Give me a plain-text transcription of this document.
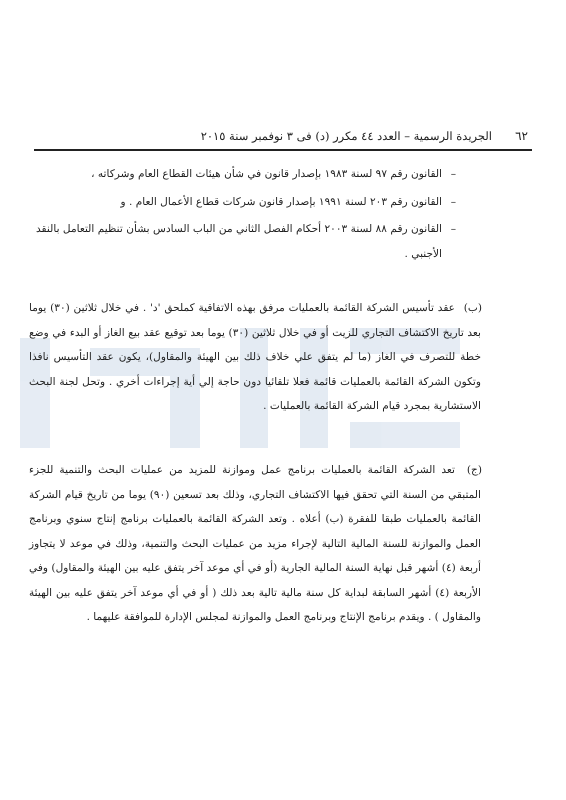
الجريدة الرسمية – العدد ٤٤ مكرر (د) فى ٣ نوفمبر سنة ٢٠١٥ ٦٢
–
القانون رقم ٩٧ لسنة ١٩٨٣ بإصدار قانون في شأن هيئات القطاع العام وشركاته ،
–
القانون رقم ٢٠٣ لسنة ١٩٩١ بإصدار قانون شركات قطاع الأعمال العام . و
–
القانون رقم ٨٨ لسنة ٢٠٠٣ أحكام الفصل الثاني من الباب السادس بشأن تنظيم التعامل بالنقد الأجنبي .
(ب)
عقد تأسيس الشركة القائمة بالعمليات مرفق بهذه الاتفاقية كملحق 'د' . في خلال ثلاثين (٣٠) يوما بعد تاريخ الاكتشاف التجاري للزيت أو في خلال ثلاثين (٣٠) يوما بعد توقيع عقد بيع الغاز أو البدء في وضع خطة للتصرف في الغاز (ما لم يتفق علي خلاف ذلك بين الهيئة والمقاول)، يكون عقد التأسيس نافذا وتكون الشركة القائمة بالعمليات قائمة فعلا تلقائيا دون حاجة إلي أية إجراءات أخري . وتحل لجنة البحث الاستشارية بمجرد قيام الشركة القائمة بالعمليات .
(ج)
تعد الشركة القائمة بالعمليات برنامج عمل وموازنة للمزيد من عمليات البحث والتنمية للجزء المتبقي من السنة التي تحقق فيها الاكتشاف التجاري، وذلك بعد تسعين (٩٠) يوما من تاريخ قيام الشركة القائمة بالعمليات طبقا للفقرة (ب) أعلاه . وتعد الشركة القائمة بالعمليات برنامج إنتاج سنوي وبرنامج العمل والموازنة للسنة المالية التالية لإجراء مزيد من عمليات البحث والتنمية، وذلك في موعد لا يتجاوز أربعة (٤) أشهر قبل نهاية السنة المالية الجارية (أو في أي موعد آخر يتفق عليه بين الهيئة والمقاول) وفي الأربعة (٤) أشهر السابقة لبداية كل سنة مالية تالية بعد ذلك ( أو في أي موعد آخر يتفق عليه بين الهيئة والمقاول ) . ويقدم برنامج الإنتاج وبرنامج العمل والموازنة لمجلس الإدارة للموافقة عليهما .
